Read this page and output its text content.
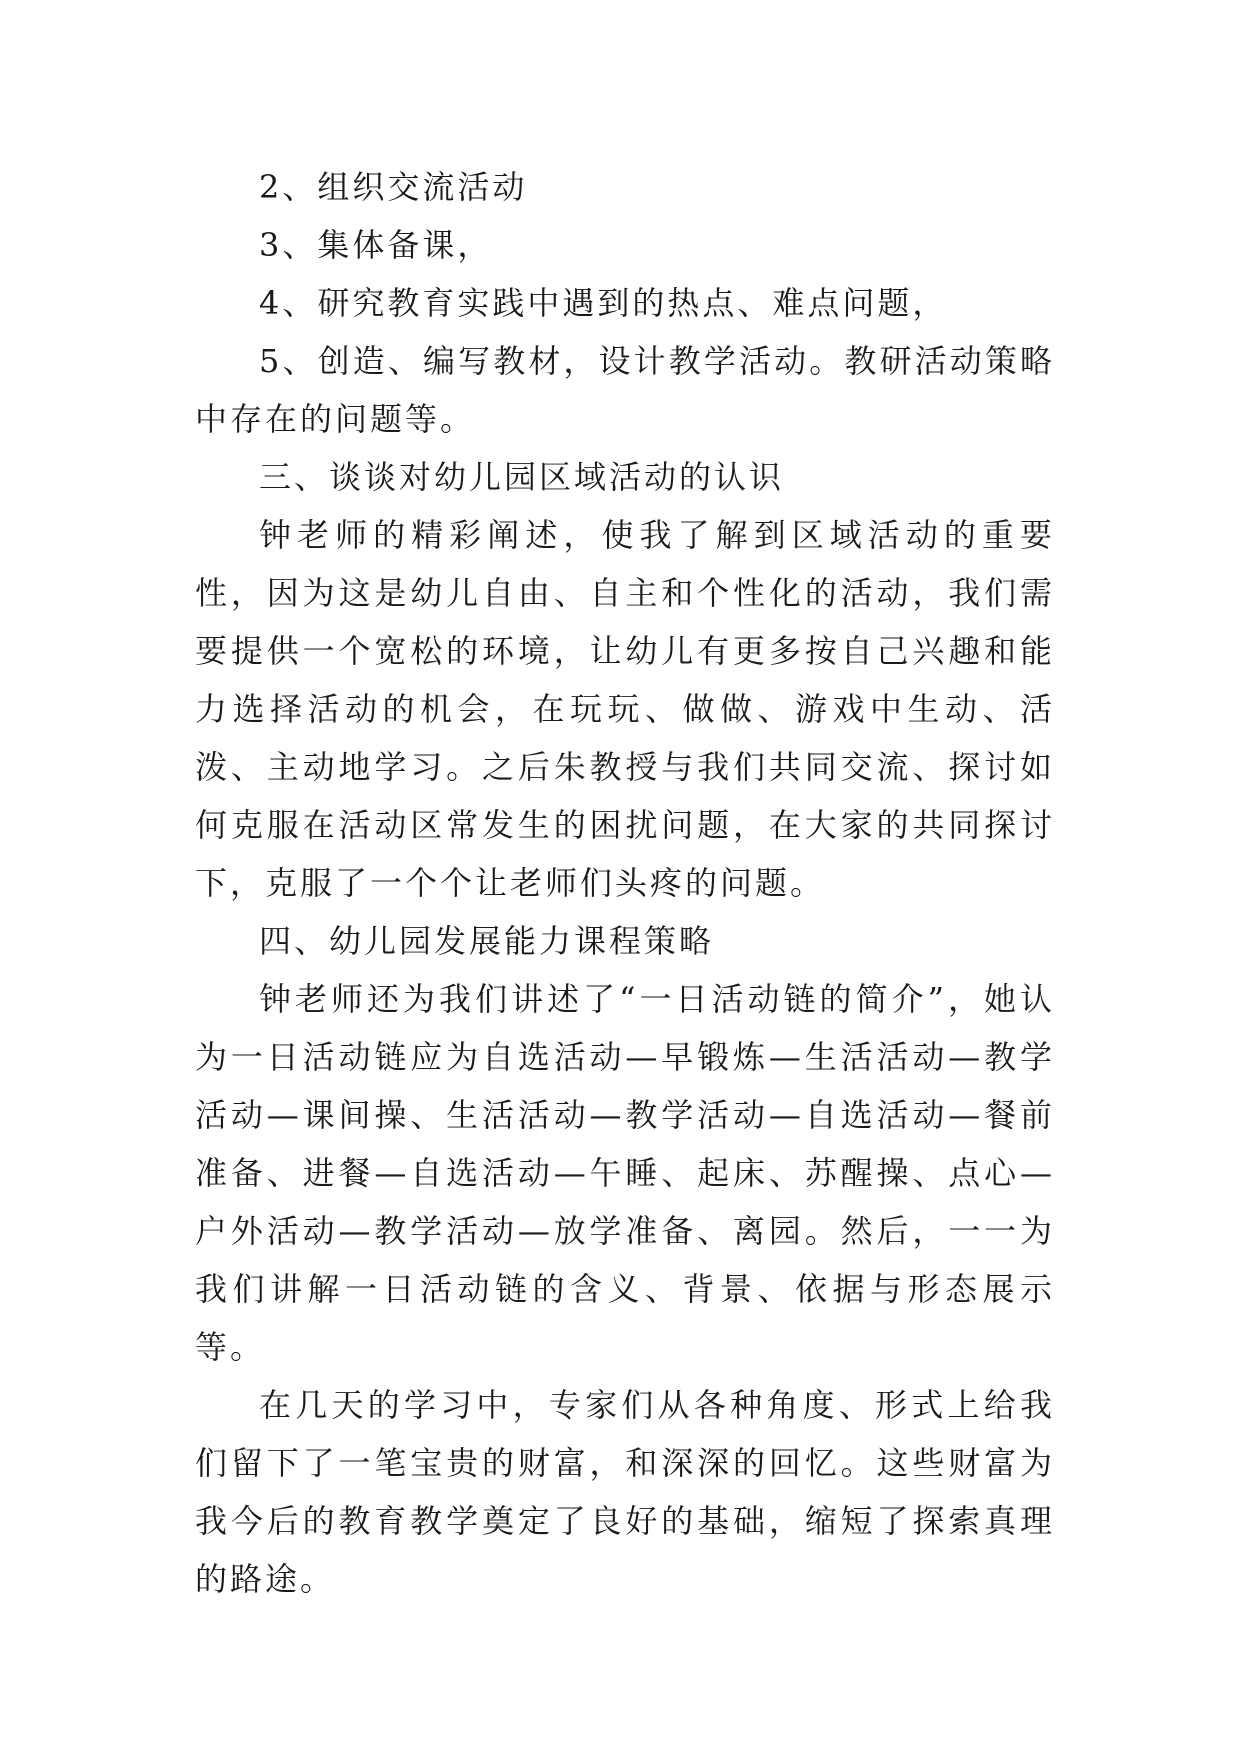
2、组织交流活动

3、集体备课，

4、研究教育实践中遇到的热点、难点问题，

5、创造、编写教材，设计教学活动。教研活动策略中存在的问题等。

三、谈谈对幼儿园区域活动的认识

钟老师的精彩阐述，使我了解到区域活动的重要性，因为这是幼儿自由、自主和个性化的活动，我们需要提供一个宽松的环境，让幼儿有更多按自己兴趣和能力选择活动的机会，在玩玩、做做、游戏中生动、活泼、主动地学习。之后朱教授与我们共同交流、探讨如何克服在活动区常发生的困扰问题，在大家的共同探讨下，克服了一个个让老师们头疼的问题。

四、幼儿园发展能力课程策略

钟老师还为我们讲述了“一日活动链的简介”，她认为一日活动链应为自选活动—早锻炼—生活活动—教学活动—课间操、生活活动—教学活动—自选活动—餐前准备、进餐—自选活动—午睡、起床、苏醒操、点心—户外活动—教学活动—放学准备、离园。然后，一一为我们讲解一日活动链的含义、背景、依据与形态展示等。

在几天的学习中，专家们从各种角度、形式上给我们留下了一笔宝贵的财富，和深深的回忆。这些财富为我今后的教育教学奠定了良好的基础，缩短了探索真理的路途。
